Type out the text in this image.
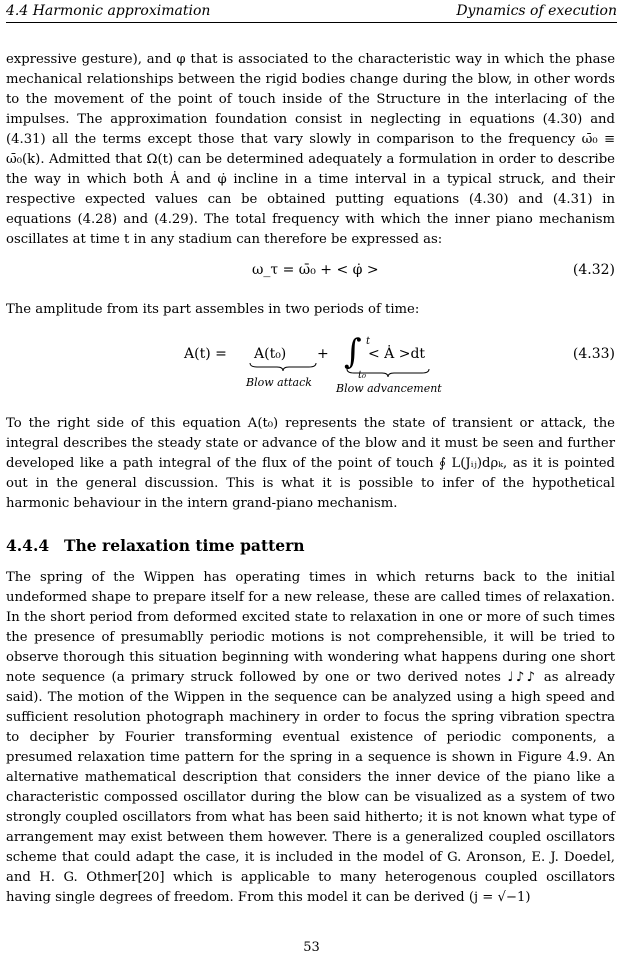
4.4 Harmonic approximation	Dynamics of execution

expressive gesture), and φ that is associated to the characteristic way in which the phase mechanical relationships between the rigid bodies change during the blow, in other words to the movement of the point of touch inside of the Structure in the interlacing of the impulses. The approximation foundation consist in neglecting in equations (4.30) and (4.31) all the terms except those that vary slowly in comparison to the frequency ω̄₀ ≡ ω̄₀(k). Admitted that Ω(t) can be determined adequately a formulation in order to describe the way in which both Ȧ and φ̇ incline in a time interval in a typical struck, and their respective expected values can be obtained putting equations (4.30) and (4.31) in equations (4.28) and (4.29). The total frequency with which the inner piano mechanism oscillates at time t in any stadium can therefore be expressed as:

ω_τ = ω̄₀ + < φ̇ >	(4.32)

The amplitude from its part assembles in two periods of time:

A(t) = A(t₀)
Blow attack
+ ∫ t
t₀
< Ȧ >dt
Blow advancement
(4.33)

To the right side of this equation A(t₀) represents the state of transient or attack, the integral describes the steady state or advance of the blow and it must be seen and further developed like a path integral of the flux of the point of touch ∮ L(Jᵢⱼ)dρₖ, as it is pointed out in the general discussion. This is what it is possible to infer of the hypothetical harmonic behaviour in the intern grand-piano mechanism.

4.4.4 The relaxation time pattern

The spring of the Wippen has operating times in which returns back to the initial undeformed shape to prepare itself for a new release, these are called times of relaxation. In the short period from deformed excited state to relaxation in one or more of such times the presence of presumablly periodic motions is not comprehensible, it will be tried to observe thorough this situation beginning with wondering what happens during one short note sequence (a primary struck followed by one or two derived notes ♩♪♪ as already said). The motion of the Wippen in the sequence can be analyzed using a high speed and sufficient resolution photograph machinery in order to focus the spring vibration spectra to decipher by Fourier transforming eventual existence of periodic components, a presumed relaxation time pattern for the spring in a sequence is shown in Figure 4.9. An alternative mathematical description that considers the inner device of the piano like a characteristic compossed oscillator during the blow can be visualized as a system of two strongly coupled oscillators from what has been said hitherto; it is not known what type of arrangement may exist between them however. There is a generalized coupled oscillators scheme that could adapt the case, it is included in the model of G. Aronson, E. J. Doedel, and H. G. Othmer[20] which is applicable to many heterogenous coupled oscillators having single degrees of freedom. From this model it can be derived (j = √−1)

53
